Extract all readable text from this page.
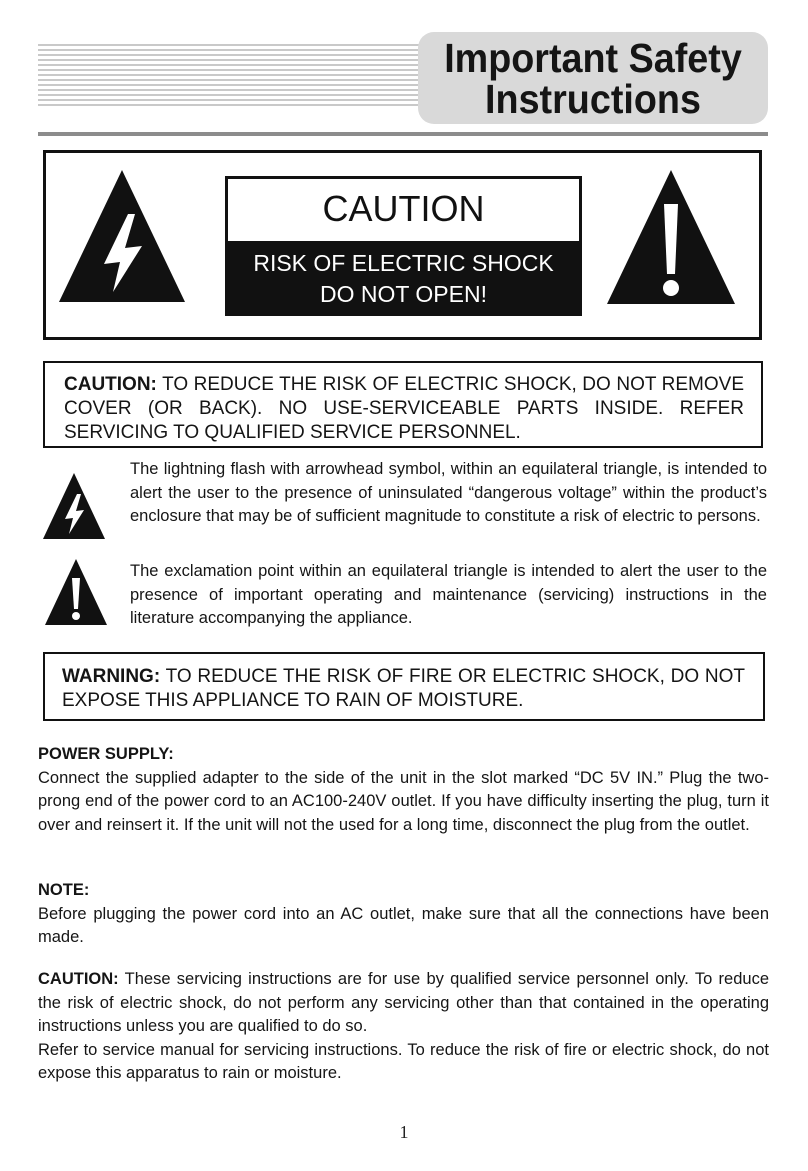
Important Safety
Instructions
CAUTION
RISK OF ELECTRIC SHOCK
DO NOT OPEN!
CAUTION: TO REDUCE THE RISK OF ELECTRIC SHOCK, DO NOT REMOVE COVER (OR BACK). NO USE-SERVICEABLE PARTS INSIDE. REFER SERVICING TO QUALIFIED SERVICE PERSONNEL.
The lightning flash with arrowhead symbol, within an equilateral triangle, is intended to alert the user to the presence of uninsulated “dangerous voltage” within the product’s enclosure that may be of sufficient magnitude to constitute a risk of electric to persons.
The exclamation point within an equilateral triangle is intended to alert the user to the presence of important operating and maintenance (servicing) instructions in the literature accompanying the appliance.
WARNING: TO REDUCE THE RISK OF FIRE OR ELECTRIC SHOCK, DO NOT EXPOSE THIS APPLIANCE TO RAIN OF MOISTURE.
POWER SUPPLY:
Connect the supplied adapter to the side of the unit in the slot marked “DC 5V IN.” Plug the two-prong end of the power cord to an AC100-240V outlet. If you have difficulty inserting the plug, turn it over and reinsert it. If the unit will not the used for a long time, disconnect the plug from the outlet.
NOTE:
Before plugging the power cord into an AC outlet, make sure that all the connections have been made.
CAUTION: These servicing instructions are for use by qualified service personnel only. To reduce the risk of electric shock, do not perform any servicing other than that contained in the operating instructions unless you are qualified to do so.
Refer to service manual for servicing instructions. To reduce the risk of fire or electric shock, do not expose this apparatus to rain or moisture.
1
